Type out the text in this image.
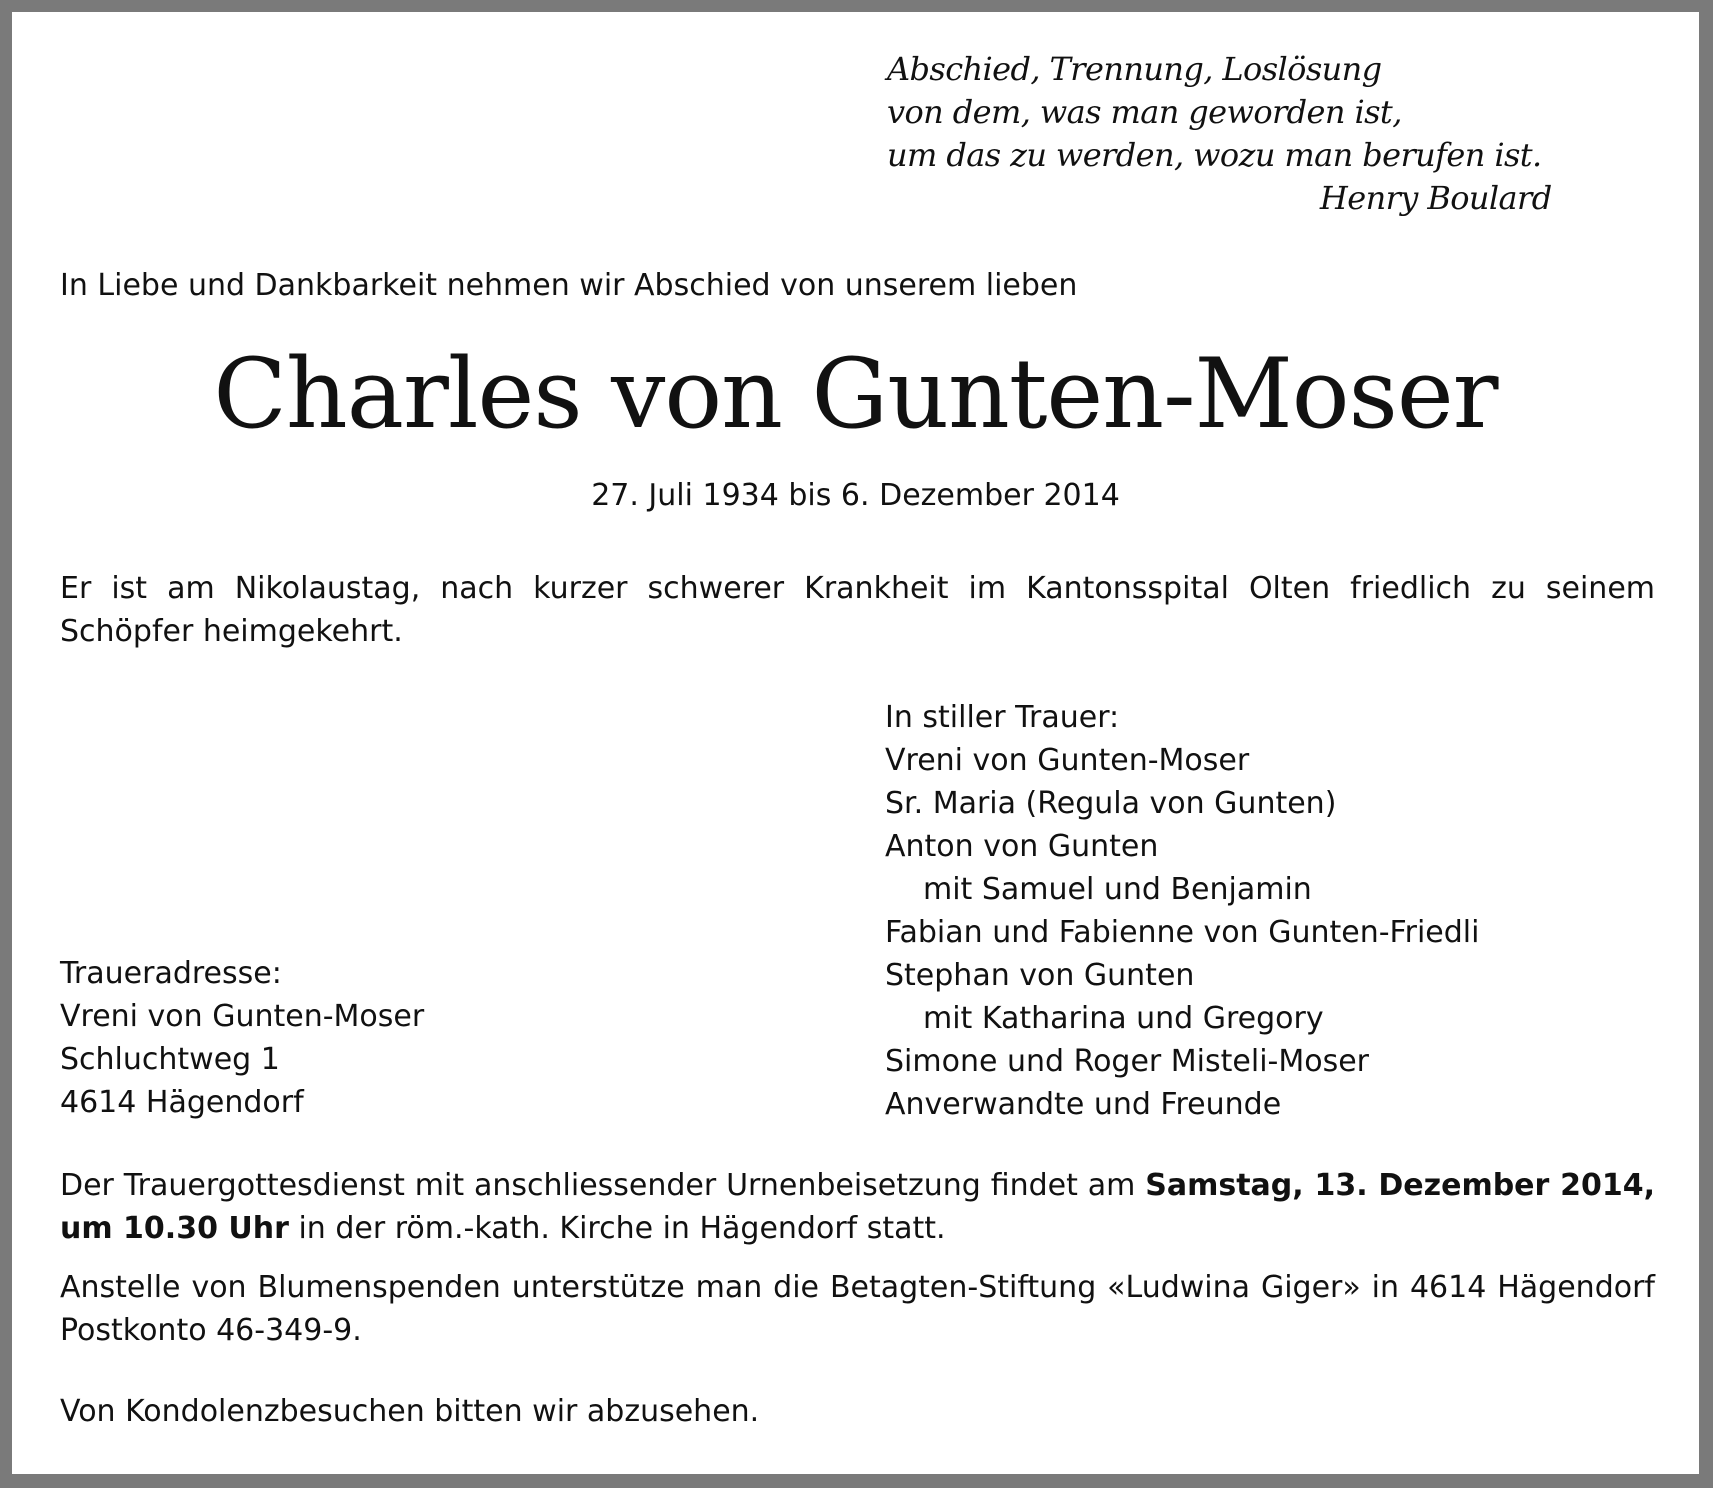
Abschied, Trennung, Loslösung
von dem, was man geworden ist,
um das zu werden, wozu man berufen ist.
Henry Boulard
In Liebe und Dankbarkeit nehmen wir Abschied von unserem lieben
Charles von Gunten-Moser
27. Juli 1934 bis 6. Dezember 2014
Er ist am Nikolaustag, nach kurzer schwerer Krankheit im Kantonsspital Olten friedlich zu seinem Schöpfer heimgekehrt.
In stiller Trauer:
Vreni von Gunten-Moser
Sr. Maria (Regula von Gunten)
Anton von Gunten
mit Samuel und Benjamin
Fabian und Fabienne von Gunten-Friedli
Stephan von Gunten
mit Katharina und Gregory
Simone und Roger Misteli-Moser
Anverwandte und Freunde
Traueradresse:
Vreni von Gunten-Moser
Schluchtweg 1
4614 Hägendorf
Der Trauergottesdienst mit anschliessender Urnenbeisetzung findet am Samstag, 13. Dezember 2014, um 10.30 Uhr in der röm.-kath. Kirche in Hägendorf statt.
Anstelle von Blumenspenden unterstütze man die Betagten-Stiftung «Ludwina Giger» in 4614 Hägendorf Postkonto 46-349-9.
Von Kondolenzbesuchen bitten wir abzusehen.
